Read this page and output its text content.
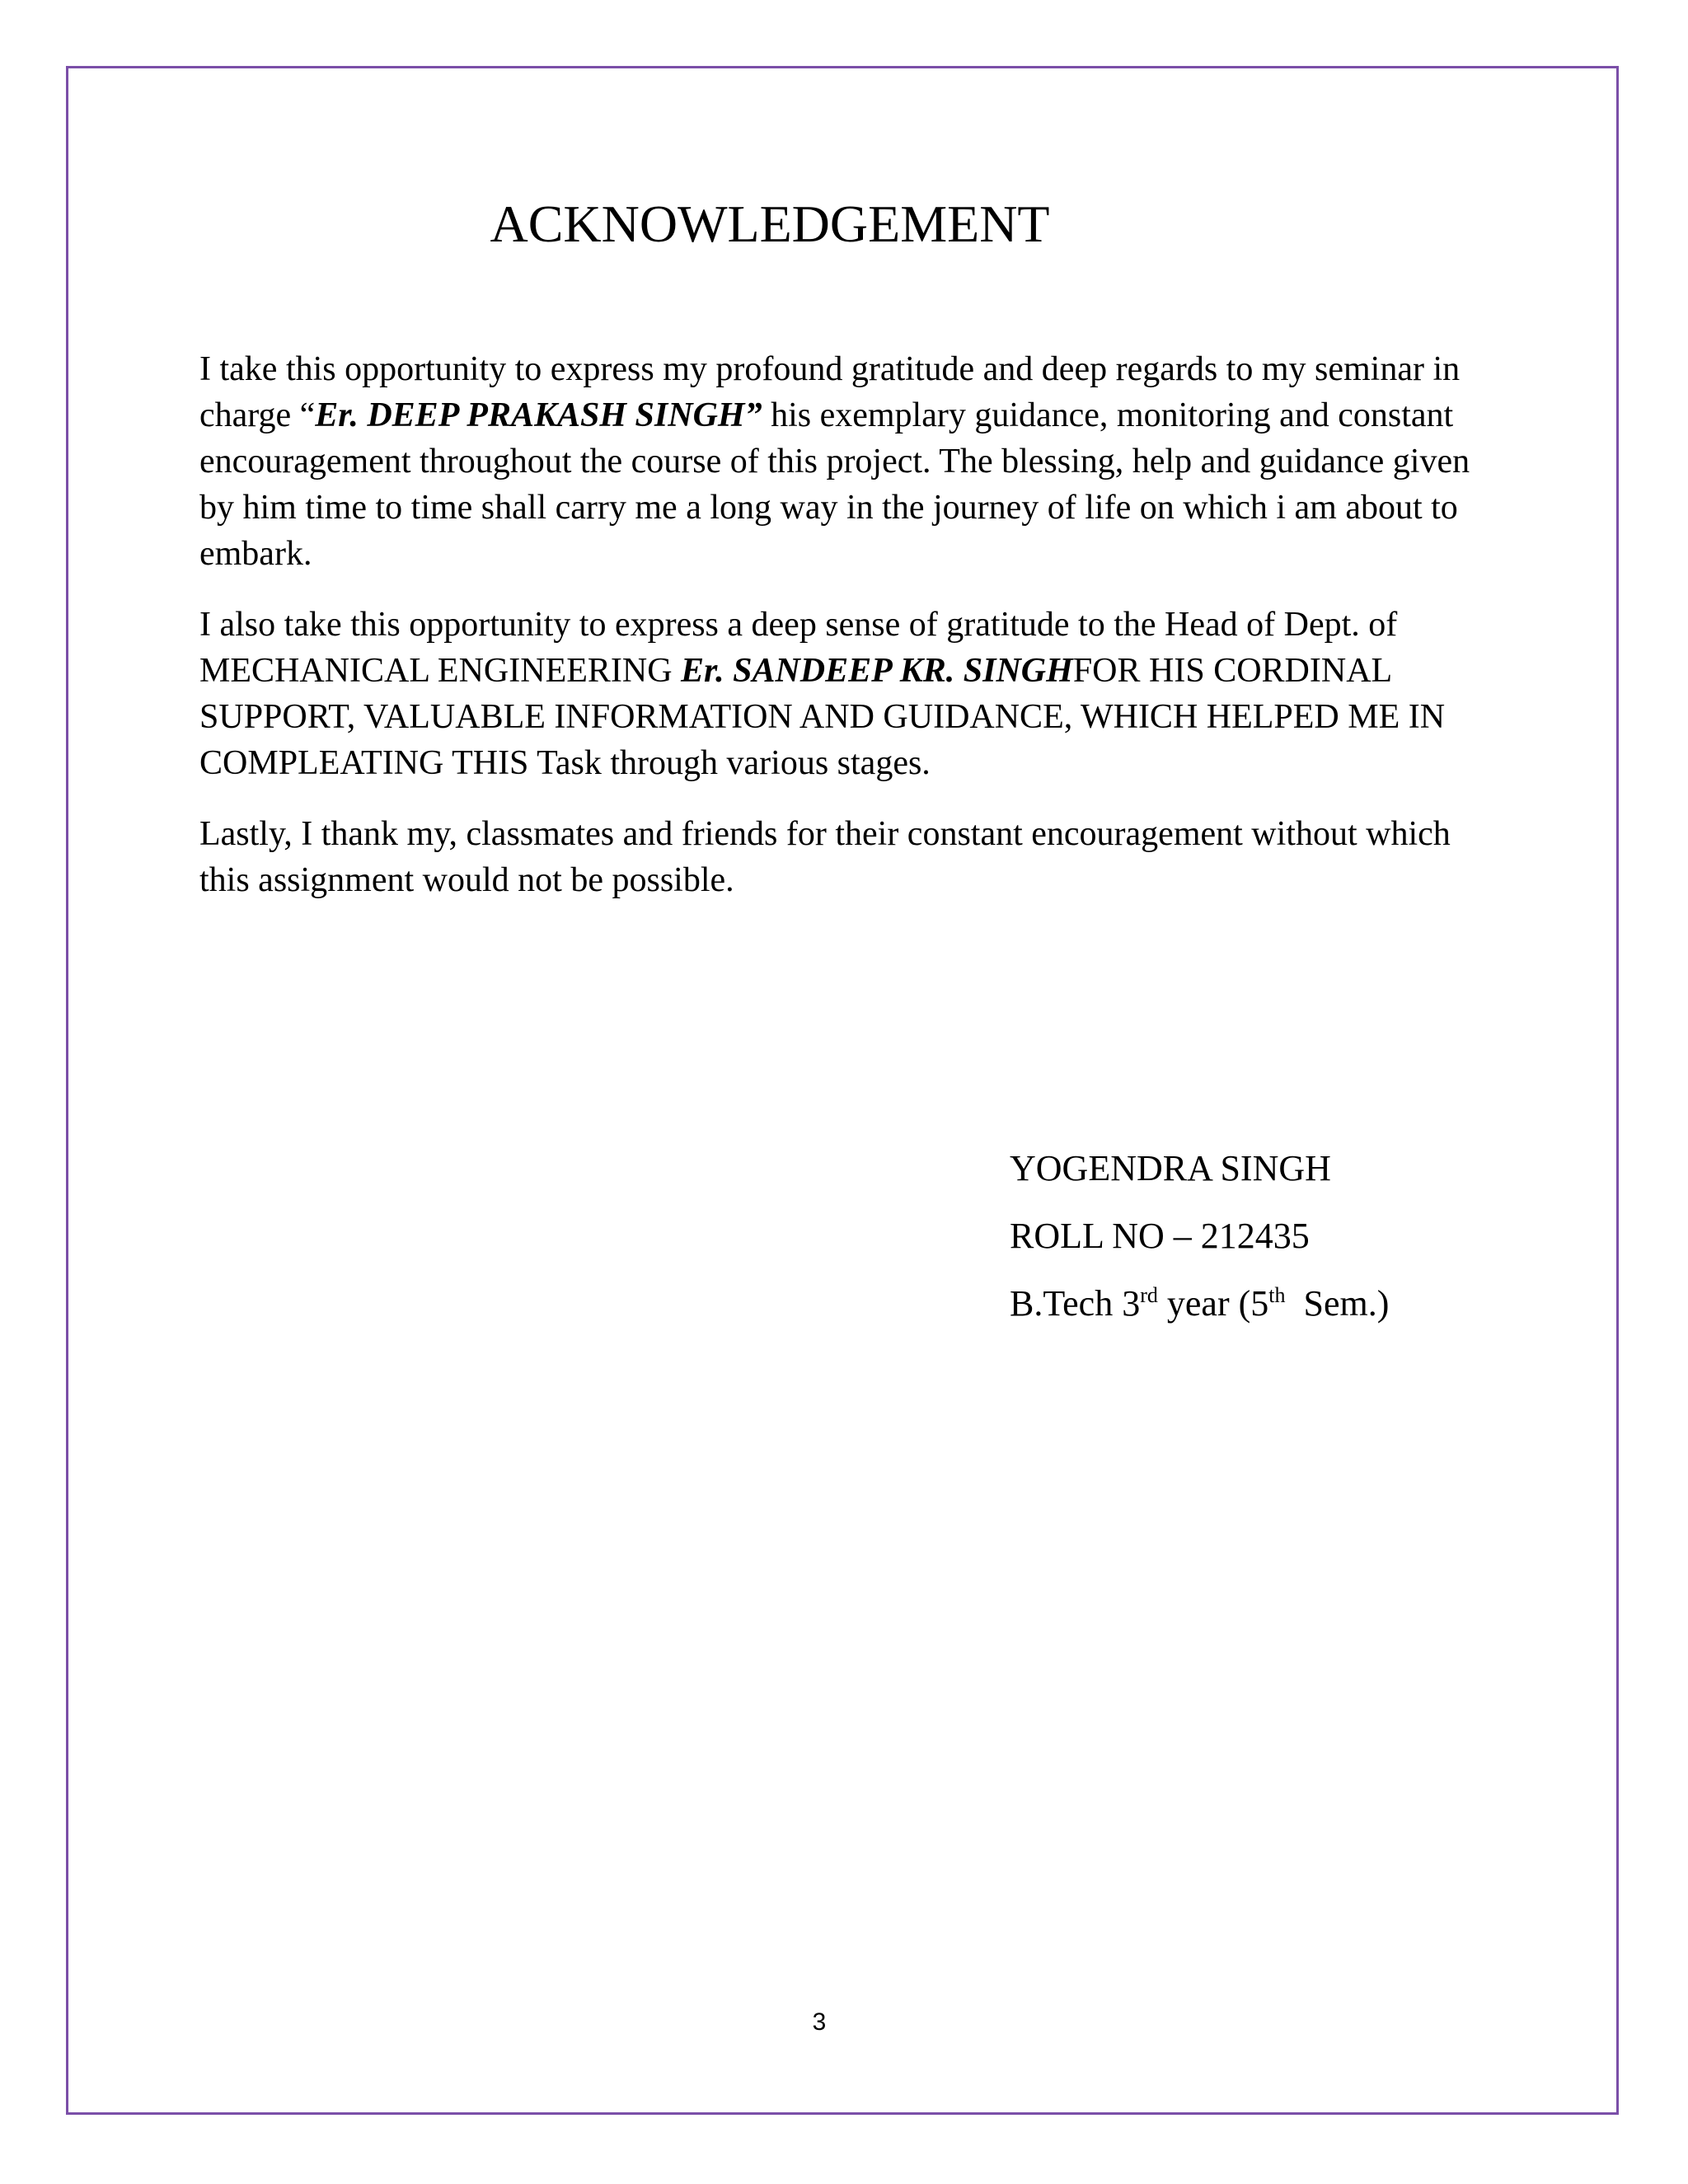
ACKNOWLEDGEMENT

I take this opportunity to express my profound gratitude and deep regards to my seminar in charge “Er. DEEP PRAKASH SINGH” his exemplary guidance, monitoring and constant encouragement throughout the course of this project. The blessing, help and guidance given by him time to time shall carry me a long way in the journey of life on which i am about to embark.

I also take this opportunity to express a deep sense of gratitude to the Head of Dept. of MECHANICAL ENGINEERING Er. SANDEEP KR. SINGHFOR HIS CORDINAL SUPPORT, VALUABLE INFORMATION AND GUIDANCE, WHICH HELPED ME IN COMPLEATING THIS Task through various stages.

Lastly, I thank my, classmates and friends for their constant encouragement without which this assignment would not be possible.

YOGENDRA SINGH
ROLL NO – 212435
B.Tech 3rd year (5th  Sem.)
3
